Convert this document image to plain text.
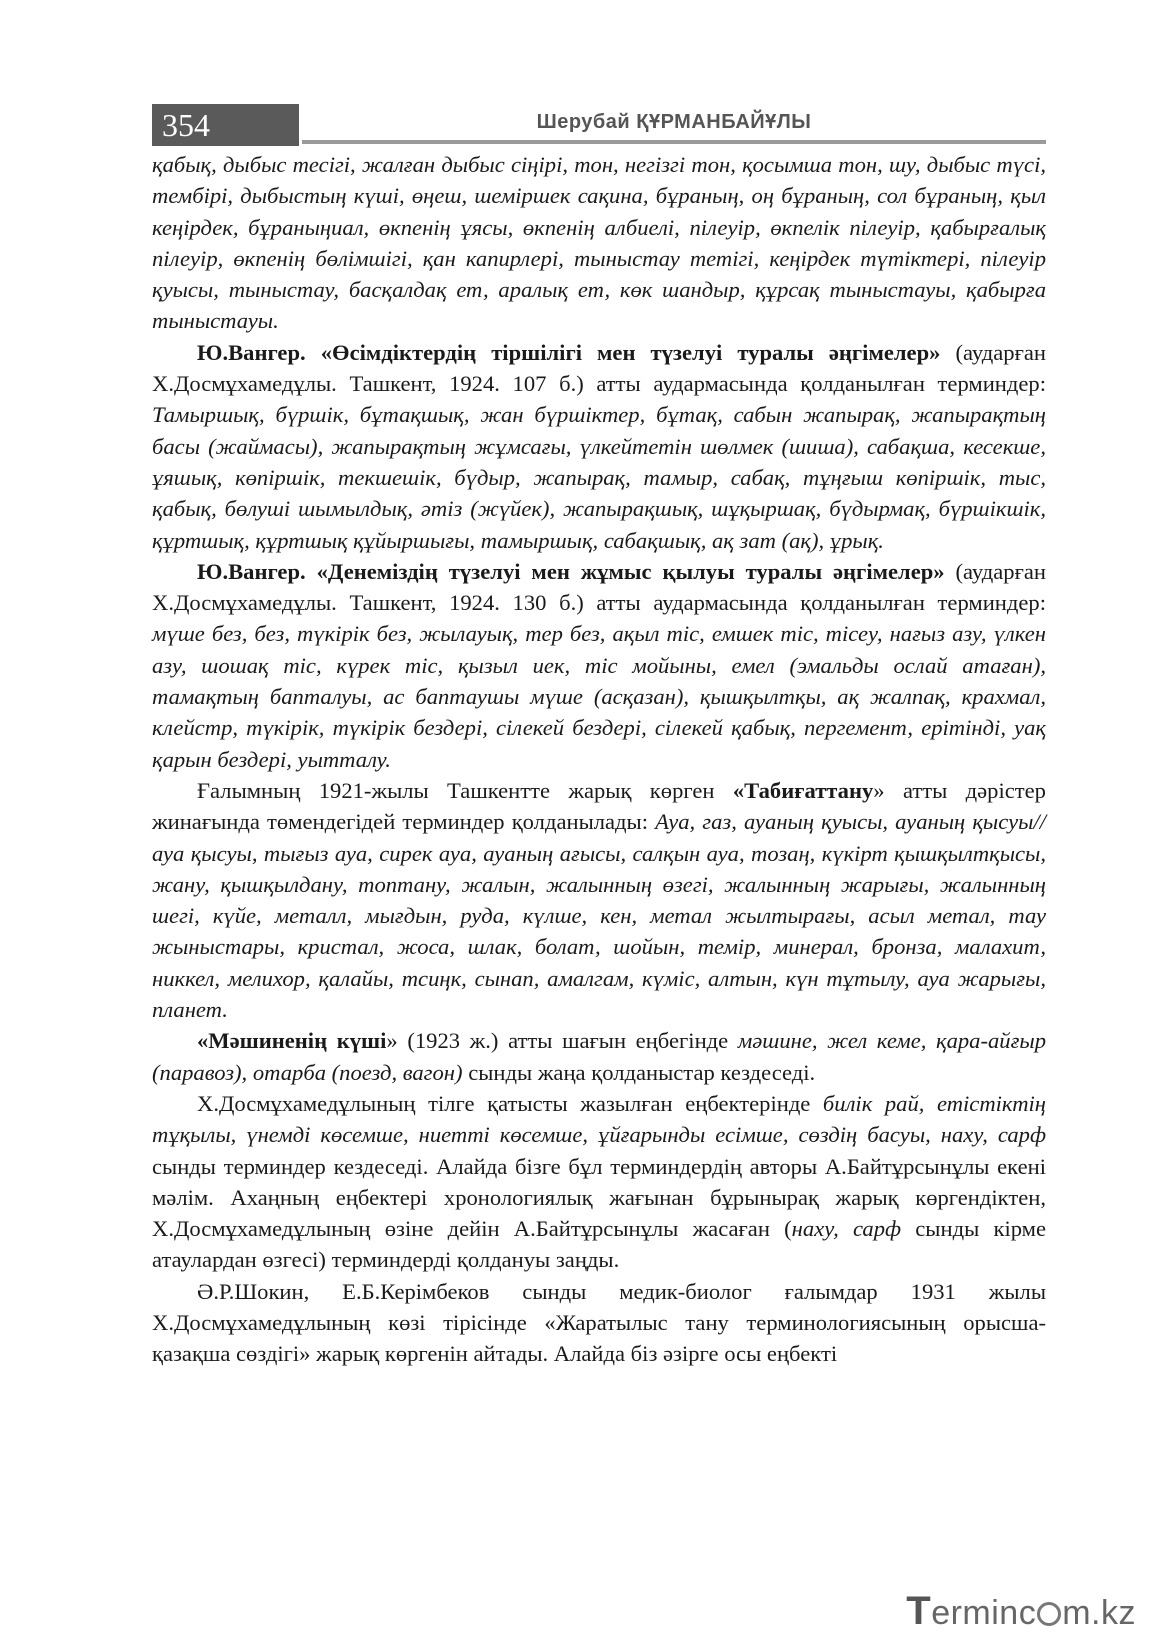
354	Шерубай ҚҰРМАНБАЙҰЛЫ

қабық, дыбыс тесігі, жалған дыбыс сіңірі, тон, негізгі тон, қосымша тон, шу, дыбыс түсі, тембірі, дыбыстың күші, өңеш, шеміршек сақина, бұраның, оң бұраның, сол бұраның, қыл кеңірдек, бұраныңиал, өкпенің ұясы, өкпенің албиелі, пілеуір, өкпелік пілеуір, қабырғалық пілеуір, өкпенің бөлімшігі, қан капирлері, тыныстау тетігі, кеңірдек түтіктері, пілеуір қуысы, тыныстау, басқалдақ ет, аралық ет, көк шандыр, құрсақ тыныстауы, қабырға тыныстауы.

Ю.Вангер. «Өсімдіктердің тіршілігі мен түзелуі туралы әңгімелер» (аударған Х.Досмұхамедұлы. Ташкент, 1924. 107 б.) атты аудармасында қолданылған терминдер: Тамыршық, бүршік, бұтақшық, жан бүршіктер, бұтақ, сабын жапырақ, жапырақтың басы (жаймасы), жапырақтың жұмсағы, үлкейтетін шөлмек (шиша), сабақша, кесекше, ұяшық, көпіршік, текшешік, бүдыр, жапырақ, тамыр, сабақ, тұңғыш көпіршік, тыс, қабық, бөлуші шымылдық, әтіз (жүйек), жапырақшық, шұқыршақ, бүдырмақ, бүршікшік, құртшық, құртшық құйыршығы, тамыршық, сабақшық, ақ зат (ақ), ұрық.

Ю.Вангер. «Денеміздің түзелуі мен жұмыс қылуы туралы әңгімелер» (аударған Х.Досмұхамедұлы. Ташкент, 1924. 130 б.) атты аудармасында қолданылған терминдер: мүше без, без, түкірік без, жылауық, тер без, ақыл тіс, емшек тіс, тісеу, нағыз азу, үлкен азу, шошақ тіс, күрек тіс, қызыл иек, тіс мойыны, емел (эмальды ослай атаған), тамақтың бапталуы, ас баптаушы мүше (асқазан), қышқылтқы, ақ жалпақ, крахмал, клейстр, түкірік, түкірік бездері, сілекей бездері, сілекей қабық, пергемент, ерітінді, уақ қарын бездері, уытталу.

Ғалымның 1921-жылы Ташкентте жарық көрген «Табиғаттану» атты дәрістер жинағында төмендегідей терминдер қолданылады: Ауа, газ, ауаның қуысы, ауаның қысуы//ауа қысуы, тығыз ауа, сирек ауа, ауаның ағысы, салқын ауа, тозаң, күкірт қышқылтқысы, жану, қышқылдану, топтану, жалын, жалынның өзегі, жалынның жарығы, жалынның шегі, күйе, металл, мығдын, руда, күлше, кен, метал жылтырағы, асыл метал, тау жыныстары, кристал, жоса, шлак, болат, шойын, темір, минерал, бронза, малахит, никкел, мелихор, қалайы, тсиңк, сынап, амалгам, күміс, алтын, күн тұтылу, ауа жарығы, планет.

«Мәшиненің күші» (1923 ж.) атты шағын еңбегінде мәшине, жел кеме, қара-айғыр (паравоз), отарба (поезд, вагон) сынды жаңа қолданыстар кездеседі.

Х.Досмұхамедұлының тілге қатысты жазылған еңбектерінде билік рай, етістіктің тұқылы, үнемді көсемше, ниетті көсемше, ұйғарынды есімше, сөздің басуы, наху, сарф сынды терминдер кездеседі. Алайда бізге бұл терминдердің авторы А.Байтұрсынұлы екені мәлім. Ахаңның еңбектері хронологиялық жағынан бұрынырақ жарық көргендіктен, Х.Досмұхамедұлының өзіне дейін А.Байтұрсынұлы жасаған (наху, сарф сынды кірме атаулардан өзгесі) терминдерді қолдануы заңды.

Ә.Р.Шокин, Е.Б.Керімбеков сынды медик-биолог ғалымдар 1931 жылы Х.Досмұхамедұлының көзі тірісінде «Жаратылыс тану терминологиясының орысша-қазақша сөздігі» жарық көргенін айтады. Алайда біз әзірге осы еңбекті

Terminc m.kz
